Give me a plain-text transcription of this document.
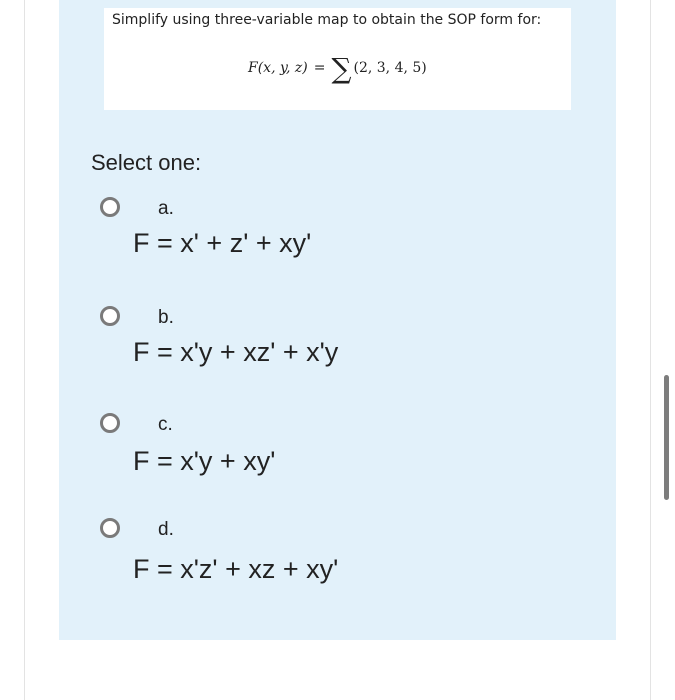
Simplify using three-variable map to obtain the SOP form for:
F(x, y, z) = ∑ (2, 3, 4, 5)
Select one:
a.
F = x' + z' + xy'
b.
F = x'y + xz' + x'y
c.
F = x'y + xy'
d.
F = x'z' + xz + xy'
